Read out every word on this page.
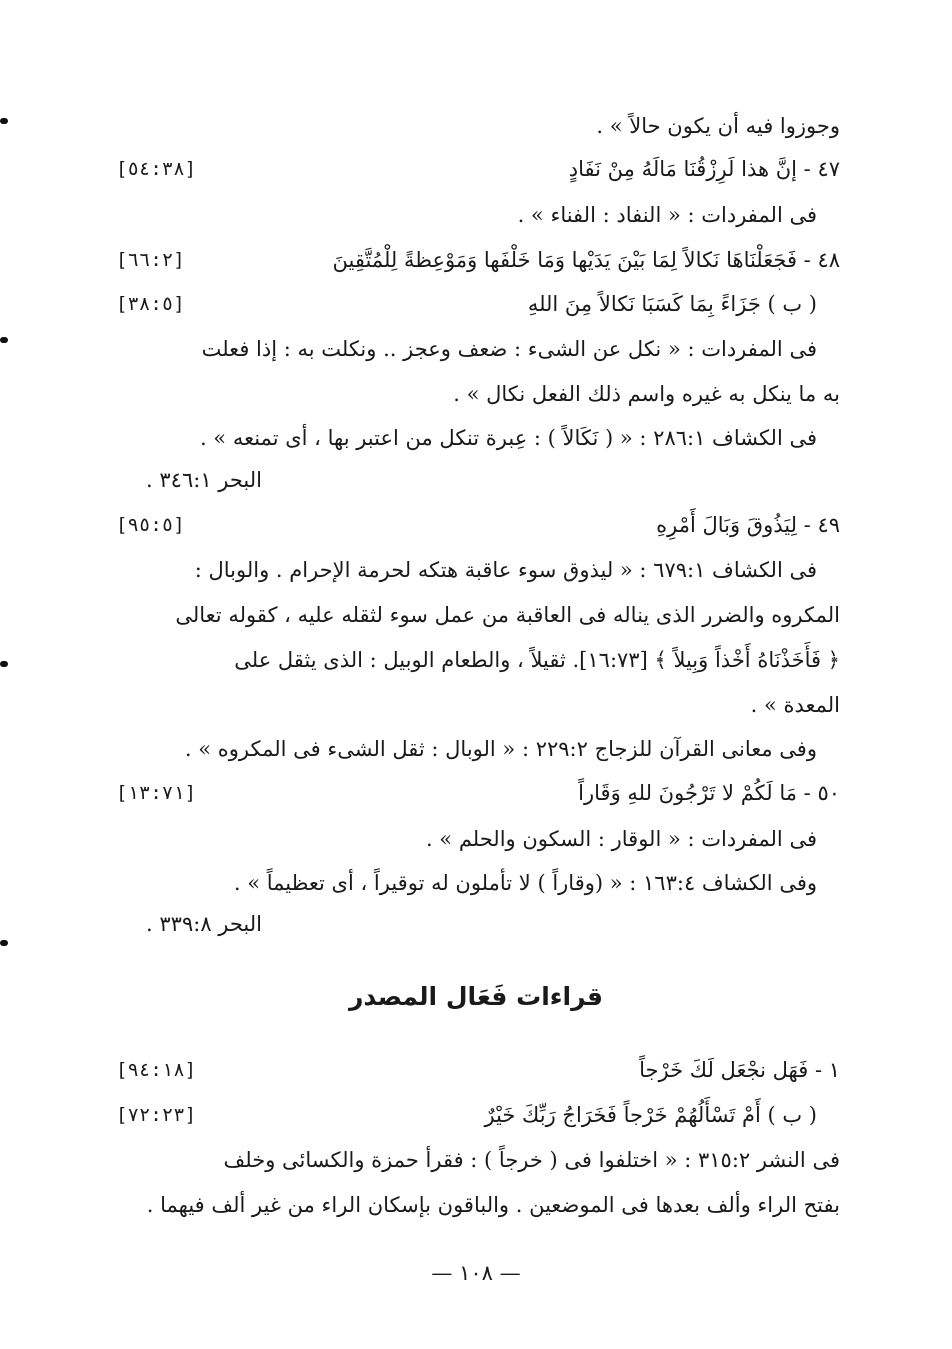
وجوزوا فيه أن يكون حالاً » .
٤٧ - إنَّ هذا لَرِزْقُنَا مَالَهُ مِنْ نَفَادٍ
[٥٤:٣٨]
فى المفردات : « النفاد : الفناء » .
٤٨ - فَجَعَلْنَاهَا نَكالاً لِمَا بَيْنَ يَدَيْها وَمَا خَلْفَها وَمَوْعِظةً لِلْمُتَّقِينَ
[٦٦:٢]
( ب ) جَزَاءً بِمَا كَسَبَا نَكالاً مِنَ اللهِ
[٣٨:٥]
فى المفردات : « نكل عن الشىء : ضعف وعجز .. ونكلت به : إذا فعلت
به ما ينكل به غيره واسم ذلك الفعل نكال » .
فى الكشاف ٢٨٦:١ : « ( نَكَالاً ) : عِبرة تنكل من اعتبر بها ، أى تمنعه » .
البحر ٣٤٦:١ .
٤٩ - لِيَذُوقَ وَبَالَ أَمْرِهِ
[٩٥:٥]
فى الكشاف ٦٧٩:١ : « ليذوق سوء عاقبة هتكه لحرمة الإحرام . والوبال :
المكروه والضرر الذى يناله فى العاقبة من عمل سوء لثقله عليه ، كقوله تعالى
﴿ فَأَخَذْنَاهُ أَخْذاً وَبِيلاً ﴾ [١٦:٧٣]. ثقيلاً ، والطعام الوبيل : الذى يثقل على
المعدة » .
وفى معانى القرآن للزجاج ٢٢٩:٢ : « الوبال : ثقل الشىء فى المكروه » .
٥٠ - مَا لَكُمْ لا تَرْجُونَ للهِ وَقَاراً
[١٣:٧١]
فى المفردات : « الوقار : السكون والحلم » .
وفى الكشاف ١٦٣:٤ : « (وقاراً ) لا تأملون له توقيراً ، أى تعظيماً » .
البحر ٣٣٩:٨ .
قراءات فَعَال المصدر
١ - فَهَل نجْعَل لَكَ خَرْجاً
[٩٤:١٨]
( ب ) أَمْ تَسْأَلُهُمْ خَرْجاً فَخَرَاجُ رَبِّكَ خَيْرٌ
[٧٢:٢٣]
فى النشر ٣١٥:٢ : « اختلفوا فى ( خرجاً ) : فقرأ حمزة والكسائى وخلف
بفتح الراء وألف بعدها فى الموضعين . والباقون بإسكان الراء من غير ألف فيهما .
— ١٠٨ —
